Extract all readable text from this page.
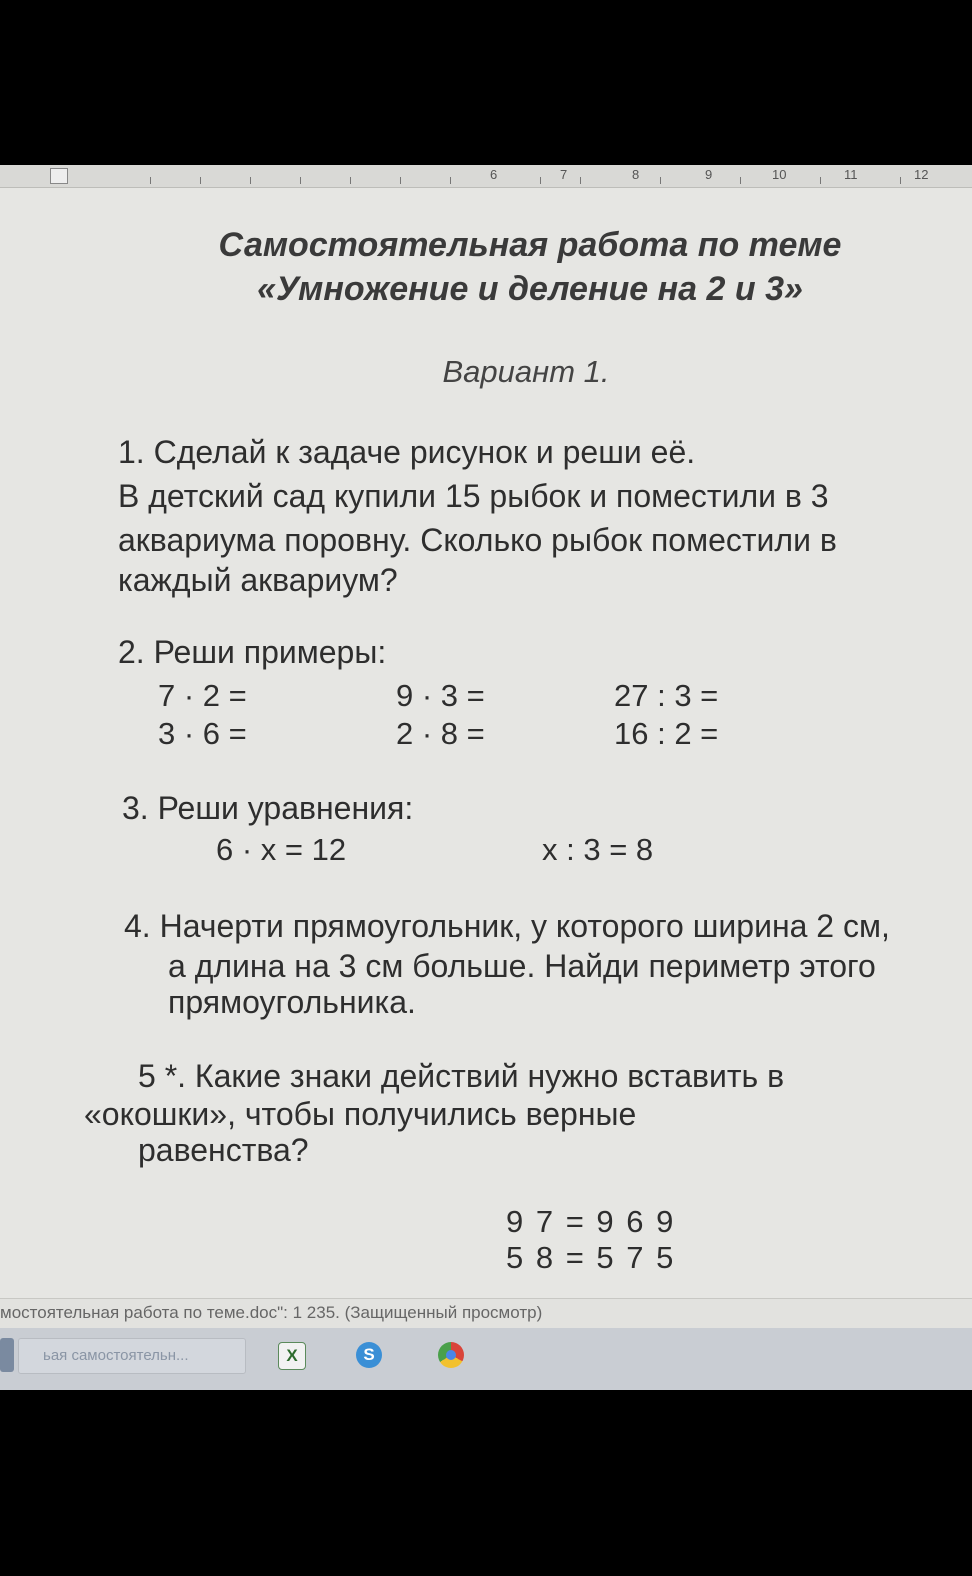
6	7	8	9	10	11	12
Самостоятельная работа по теме
«Умножение и деление на 2 и 3»
Вариант 1.
1. Сделай к задаче рисунок и реши её.
В детский сад купили 15 рыбок и поместили в 3
аквариума поровну. Сколько рыбок поместили в
каждый аквариум?
2. Реши примеры:
7 · 2 =	9 · 3 =	27 : 3 =
3 · 6 =	2 · 8 =	16 : 2 =
3. Реши уравнения:
6 · х = 12	х : 3 = 8
4. Начерти прямоугольник, у которого ширина 2 см,
а длина на 3 см больше. Найди периметр этого
прямоугольника.
5 *. Какие знаки действий нужно вставить в
«окошки», чтобы получились верные
равенства?
9 7 = 9 6 9
5 8 = 5 7 5
мостоятельная работа по теме.doc": 1 235. (Защищенный просмотр)
ьая самостоятельн...	X	S
